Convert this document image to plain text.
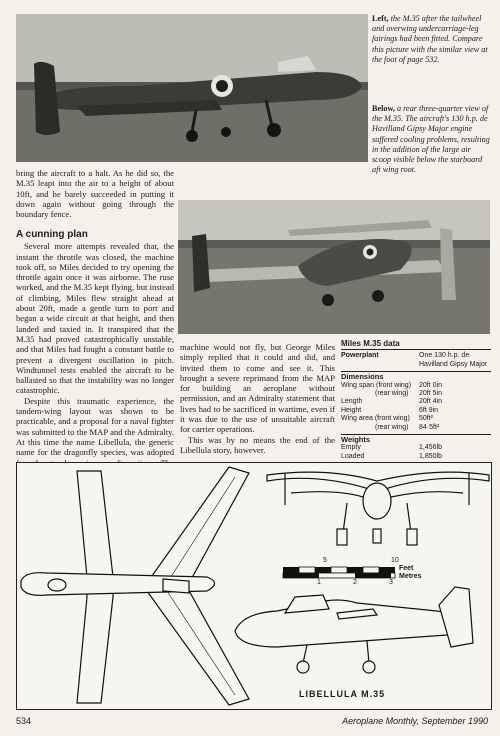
Left, the M.35 after the tailwheel and overwing undercarriage-leg fairings had been fitted. Compare this picture with the similar view at the foot of page 532.
Below, a rear three-quarter view of the M.35. The aircraft's 130 h.p. de Havilland Gipsy Major engine suffered cooling problems, resulting in the addition of the large air scoop visible below the starboard aft wing root.

bring the aircraft to a halt. As he did so, the M.35 leapt into the air to a height of about 10ft, and he barely succeeded in putting it down again without going through the boundary fence.

A cunning plan

Several more attempts revealed that, the instant the throttle was closed, the machine took off, so Miles decided to try opening the throttle again once it was airborne. The ruse worked, and the M.35 kept flying, but instead of climbing, Miles flew straight ahead at about 20ft, made a gentle turn to port and began a wide circuit at that height, and then landed and taxied in. It transpired that the M.35 had proved catastrophically unstable, and that Miles had fought a constant battle to prevent a divergent oscillation in pitch. Windtunnel tests enabled the aircraft to be ballasted so that the instability was no longer catastrophic.

Despite this traumatic experience, the tandem-wing layout was shown to be practicable, and a proposal for a naval fighter was submitted to the MAP and the Admiralty. At this time the name Libellula, the generic name for the dragonfly species, was adopted

machine would not fly, but George Miles simply replied that it could and did, and invited them to come and see it. This brought a severe reprimand from the MAP for building an aeroplane without permission, and an Admiralty statement that lives had to be sacrificed in wartime, even if it was due to the use of unsuitable aircraft for carrier operations.

This was by no means the end of the Libellula story, however.

Miles M.35 data
Powerplant	One 130 h.p. de Havilland Gipsy Major
Dimensions
Wing span (front wing)	20ft 0in
(rear wing)	20ft 5in
Length	20ft 4in
Height	6ft 9in
Wing area (front wing)	50ft²
(rear wing)	84·5ft²
Weights
Empty	1,456lb
Loaded	1,850lb
5	10
Feet
Metres
1	2	3
LIBELLULA M.35
534	Aeroplane Monthly, September 1990
